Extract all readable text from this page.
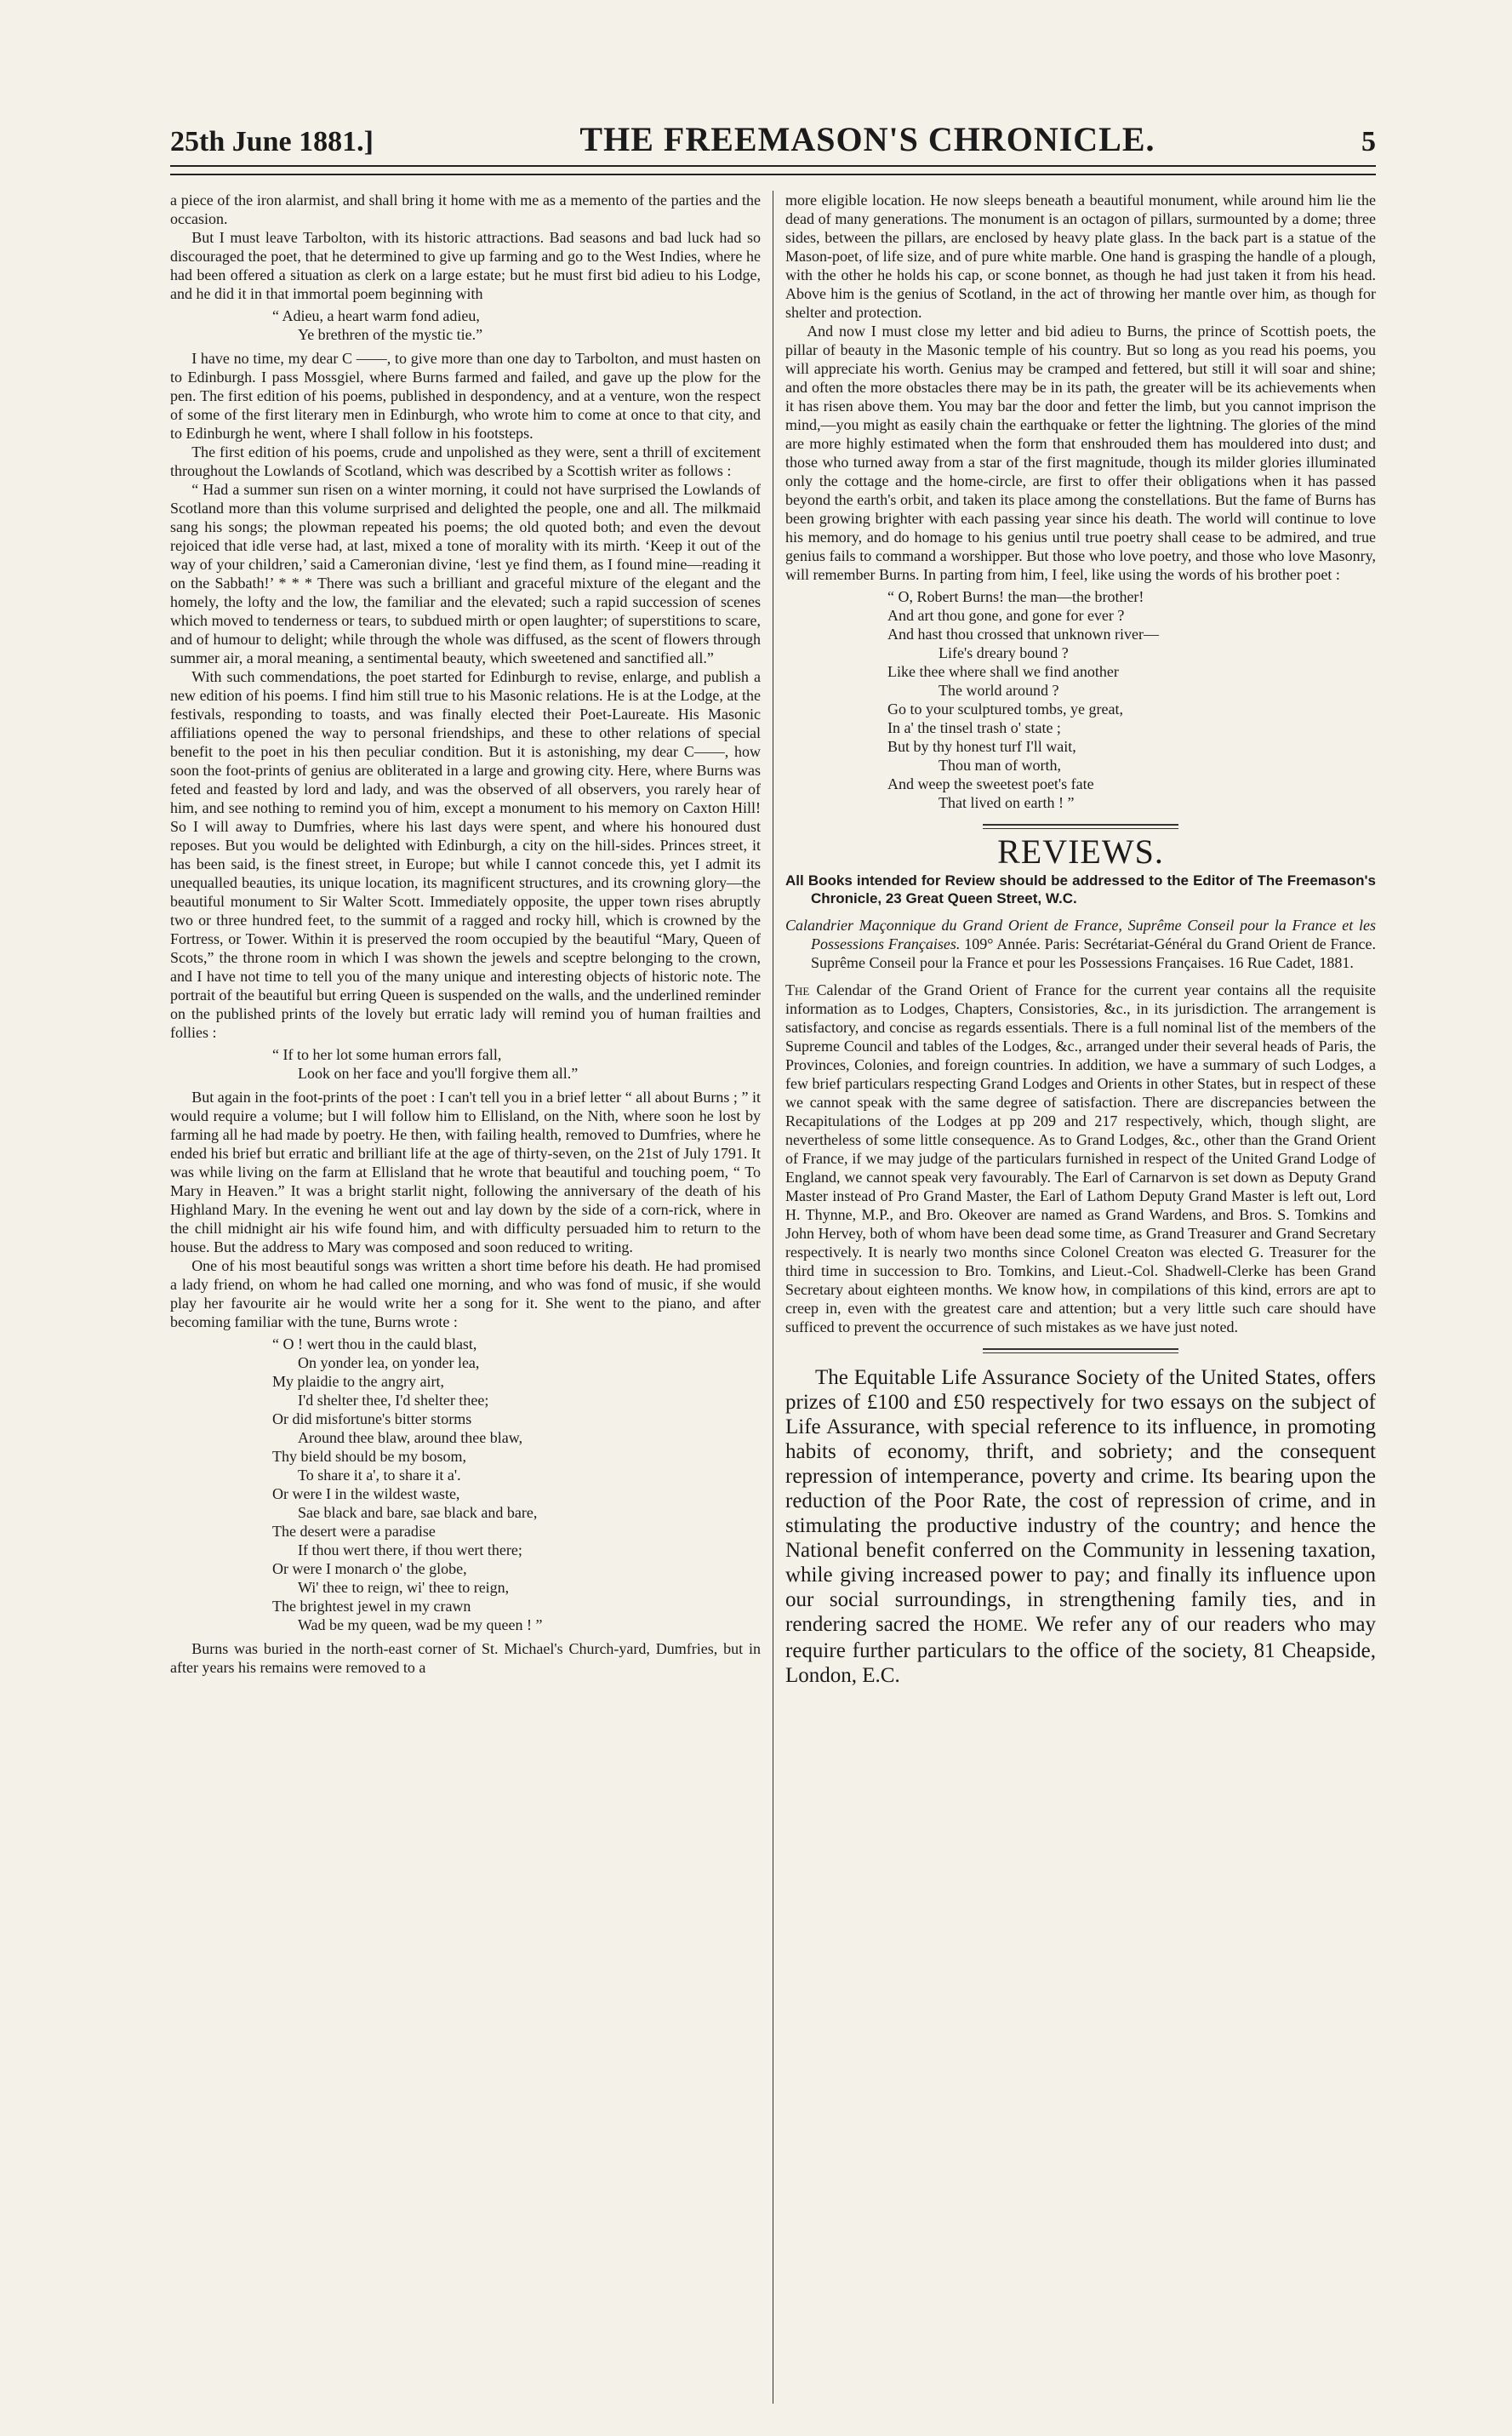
25th June 1881.]	THE FREEMASON'S CHRONICLE.	5

a piece of the iron alarmist, and shall bring it home with me as a memento of the parties and the occasion.

But I must leave Tarbolton, with its historic attractions. Bad seasons and bad luck had so discouraged the poet, that he determined to give up farming and go to the West Indies, where he had been offered a situation as clerk on a large estate; but he must first bid adieu to his Lodge, and he did it in that immortal poem beginning with

“ Adieu, a heart warm fond adieu,
Ye brethren of the mystic tie.”

I have no time, my dear C ——, to give more than one day to Tarbolton, and must hasten on to Edinburgh. I pass Mossgiel, where Burns farmed and failed, and gave up the plow for the pen. The first edition of his poems, published in despondency, and at a venture, won the respect of some of the first literary men in Edinburgh, who wrote him to come at once to that city, and to Edinburgh he went, where I shall follow in his footsteps.

The first edition of his poems, crude and unpolished as they were, sent a thrill of excitement throughout the Lowlands of Scotland, which was described by a Scottish writer as follows :

“ Had a summer sun risen on a winter morning, it could not have surprised the Lowlands of Scotland more than this volume surprised and delighted the people, one and all. The milkmaid sang his songs; the plowman repeated his poems; the old quoted both; and even the devout rejoiced that idle verse had, at last, mixed a tone of morality with its mirth. ‘Keep it out of the way of your children,’ said a Cameronian divine, ‘lest ye find them, as I found mine—reading it on the Sabbath!’ * * * There was such a brilliant and graceful mixture of the elegant and the homely, the lofty and the low, the familiar and the elevated; such a rapid succession of scenes which moved to tenderness or tears, to subdued mirth or open laughter; of superstitions to scare, and of humour to delight; while through the whole was diffused, as the scent of flowers through summer air, a moral meaning, a sentimental beauty, which sweetened and sanctified all.”

With such commendations, the poet started for Edinburgh to revise, enlarge, and publish a new edition of his poems. I find him still true to his Masonic relations. He is at the Lodge, at the festivals, responding to toasts, and was finally elected their Poet-Laureate. His Masonic affiliations opened the way to personal friendships, and these to other relations of special benefit to the poet in his then peculiar condition. But it is astonishing, my dear C——, how soon the foot-prints of genius are obliterated in a large and growing city. Here, where Burns was feted and feasted by lord and lady, and was the observed of all observers, you rarely hear of him, and see nothing to remind you of him, except a monument to his memory on Caxton Hill! So I will away to Dumfries, where his last days were spent, and where his honoured dust reposes. But you would be delighted with Edinburgh, a city on the hill-sides. Princes street, it has been said, is the finest street, in Europe; but while I cannot concede this, yet I admit its unequalled beauties, its unique location, its magnificent structures, and its crowning glory—the beautiful monument to Sir Walter Scott. Immediately opposite, the upper town rises abruptly two or three hundred feet, to the summit of a ragged and rocky hill, which is crowned by the Fortress, or Tower. Within it is preserved the room occupied by the beautiful “Mary, Queen of Scots,” the throne room in which I was shown the jewels and sceptre belonging to the crown, and I have not time to tell you of the many unique and interesting objects of historic note. The portrait of the beautiful but erring Queen is suspended on the walls, and the underlined reminder on the published prints of the lovely but erratic lady will remind you of human frailties and follies :

“ If to her lot some human errors fall,
Look on her face and you'll forgive them all.”

But again in the foot-prints of the poet : I can't tell you in a brief letter “ all about Burns ; ” it would require a volume; but I will follow him to Ellisland, on the Nith, where soon he lost by farming all he had made by poetry. He then, with failing health, removed to Dumfries, where he ended his brief but erratic and brilliant life at the age of thirty-seven, on the 21st of July 1791. It was while living on the farm at Ellisland that he wrote that beautiful and touching poem, “ To Mary in Heaven.” It was a bright starlit night, following the anniversary of the death of his Highland Mary. In the evening he went out and lay down by the side of a corn-rick, where in the chill midnight air his wife found him, and with difficulty persuaded him to return to the house. But the address to Mary was composed and soon reduced to writing.

One of his most beautiful songs was written a short time before his death. He had promised a lady friend, on whom he had called one morning, and who was fond of music, if she would play her favourite air he would write her a song for it. She went to the piano, and after becoming familiar with the tune, Burns wrote :

“ O ! wert thou in the cauld blast,
On yonder lea, on yonder lea,
My plaidie to the angry airt,
I'd shelter thee, I'd shelter thee;
Or did misfortune's bitter storms
Around thee blaw, around thee blaw,
Thy bield should be my bosom,
To share it a', to share it a'.
Or were I in the wildest waste,
Sae black and bare, sae black and bare,
The desert were a paradise
If thou wert there, if thou wert there;
Or were I monarch o' the globe,
Wi' thee to reign, wi' thee to reign,
The brightest jewel in my crawn
Wad be my queen, wad be my queen ! ”

Burns was buried in the north-east corner of St. Michael's Church-yard, Dumfries, but in after years his remains were removed to a

more eligible location. He now sleeps beneath a beautiful monument, while around him lie the dead of many generations. The monument is an octagon of pillars, surmounted by a dome; three sides, between the pillars, are enclosed by heavy plate glass. In the back part is a statue of the Mason-poet, of life size, and of pure white marble. One hand is grasping the handle of a plough, with the other he holds his cap, or scone bonnet, as though he had just taken it from his head. Above him is the genius of Scotland, in the act of throwing her mantle over him, as though for shelter and protection.

And now I must close my letter and bid adieu to Burns, the prince of Scottish poets, the pillar of beauty in the Masonic temple of his country. But so long as you read his poems, you will appreciate his worth. Genius may be cramped and fettered, but still it will soar and shine; and often the more obstacles there may be in its path, the greater will be its achievements when it has risen above them. You may bar the door and fetter the limb, but you cannot imprison the mind,—you might as easily chain the earthquake or fetter the lightning. The glories of the mind are more highly estimated when the form that enshrouded them has mouldered into dust; and those who turned away from a star of the first magnitude, though its milder glories illuminated only the cottage and the home-circle, are first to offer their obligations when it has passed beyond the earth's orbit, and taken its place among the constellations. But the fame of Burns has been growing brighter with each passing year since his death. The world will continue to love his memory, and do homage to his genius until true poetry shall cease to be admired, and true genius fails to command a worshipper. But those who love poetry, and those who love Masonry, will remember Burns. In parting from him, I feel, like using the words of his brother poet :

“ O, Robert Burns! the man—the brother!
And art thou gone, and gone for ever ?
And hast thou crossed that unknown river—
Life's dreary bound ?
Like thee where shall we find another
The world around ?
Go to your sculptured tombs, ye great,
In a' the tinsel trash o' state ;
But by thy honest turf I'll wait,
Thou man of worth,
And weep the sweetest poet's fate
That lived on earth ! ”
REVIEWS.
All Books intended for Review should be addressed to the Editor of The Freemason's Chronicle, 23 Great Queen Street, W.C.
Calandrier Maçonnique du Grand Orient de France, Suprême Conseil pour la France et les Possessions Françaises. 109° Année. Paris: Secrétariat-Général du Grand Orient de France. Suprême Conseil pour la France et pour les Possessions Françaises. 16 Rue Cadet, 1881.

The Calendar of the Grand Orient of France for the current year contains all the requisite information as to Lodges, Chapters, Consistories, &c., in its jurisdiction. The arrangement is satisfactory, and concise as regards essentials. There is a full nominal list of the members of the Supreme Council and tables of the Lodges, &c., arranged under their several heads of Paris, the Provinces, Colonies, and foreign countries. In addition, we have a summary of such Lodges, a few brief particulars respecting Grand Lodges and Orients in other States, but in respect of these we cannot speak with the same degree of satisfaction. There are discrepancies between the Recapitulations of the Lodges at pp 209 and 217 respectively, which, though slight, are nevertheless of some little consequence. As to Grand Lodges, &c., other than the Grand Orient of France, if we may judge of the particulars furnished in respect of the United Grand Lodge of England, we cannot speak very favourably. The Earl of Carnarvon is set down as Deputy Grand Master instead of Pro Grand Master, the Earl of Lathom Deputy Grand Master is left out, Lord H. Thynne, M.P., and Bro. Okeover are named as Grand Wardens, and Bros. S. Tomkins and John Hervey, both of whom have been dead some time, as Grand Treasurer and Grand Secretary respectively. It is nearly two months since Colonel Creaton was elected G. Treasurer for the third time in succession to Bro. Tomkins, and Lieut.-Col. Shadwell-Clerke has been Grand Secretary about eighteen months. We know how, in compilations of this kind, errors are apt to creep in, even with the greatest care and attention; but a very little such care should have sufficed to prevent the occurrence of such mistakes as we have just noted.

The Equitable Life Assurance Society of the United States, offers prizes of £100 and £50 respectively for two essays on the subject of Life Assurance, with special reference to its influence, in promoting habits of economy, thrift, and sobriety; and the consequent repression of intemperance, poverty and crime. Its bearing upon the reduction of the Poor Rate, the cost of repression of crime, and in stimulating the productive industry of the country; and hence the National benefit conferred on the Community in lessening taxation, while giving increased power to pay; and finally its influence upon our social surroundings, in strengthening family ties, and in rendering sacred the HOME. We refer any of our readers who may require further particulars to the office of the society, 81 Cheapside, London, E.C.
